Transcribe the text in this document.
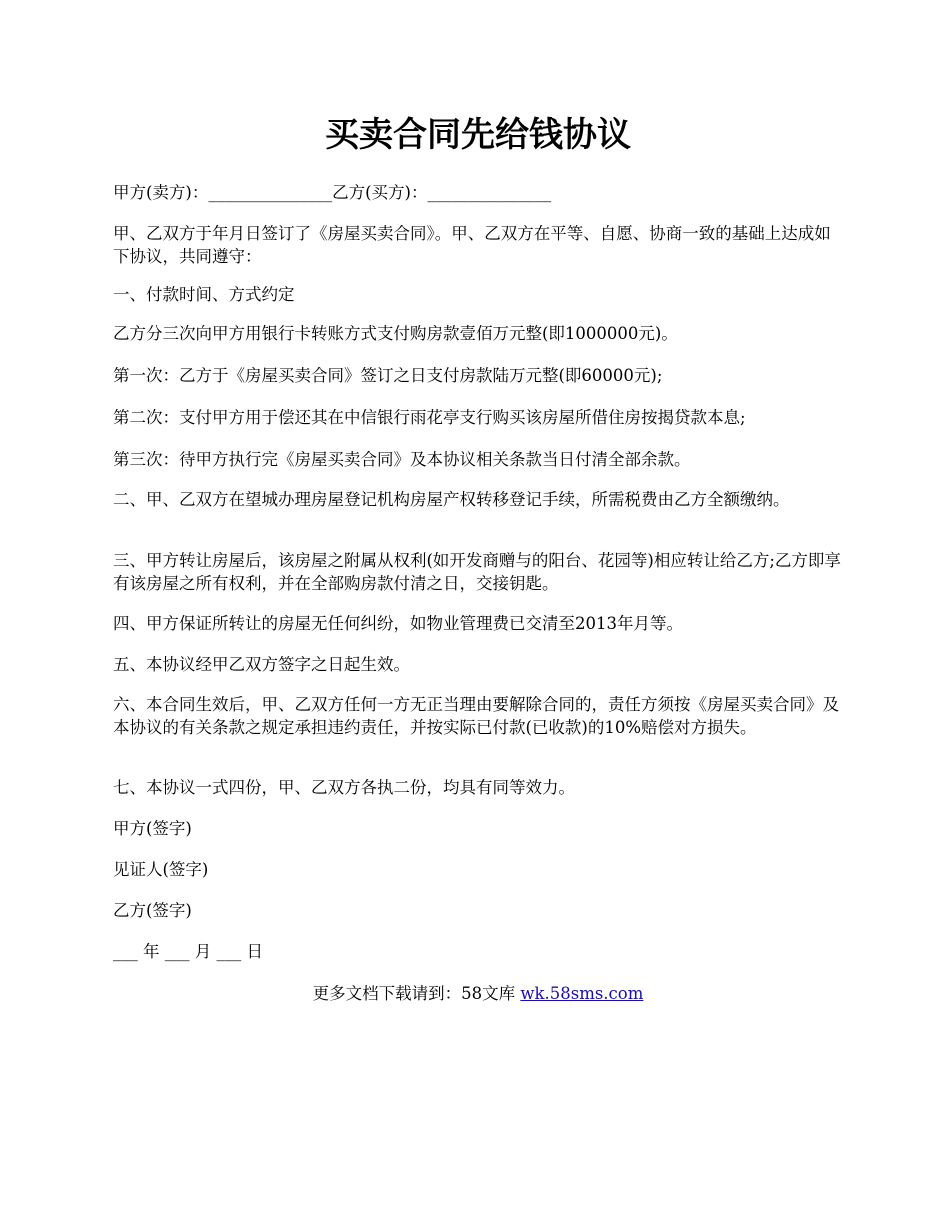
买卖合同先给钱协议

甲方(卖方)：_______________乙方(买方)：_______________

甲、乙双方于年月日签订了《房屋买卖合同》。甲、乙双方在平等、自愿、协商一致的基础上达成如下协议，共同遵守：

一、付款时间、方式约定

乙方分三次向甲方用银行卡转账方式支付购房款壹佰万元整(即1000000元)。

第一次：乙方于《房屋买卖合同》签订之日支付房款陆万元整(即60000元);

第二次：支付甲方用于偿还其在中信银行雨花亭支行购买该房屋所借住房按揭贷款本息;

第三次：待甲方执行完《房屋买卖合同》及本协议相关条款当日付清全部余款。

二、甲、乙双方在望城办理房屋登记机构房屋产权转移登记手续，所需税费由乙方全额缴纳。

三、甲方转让房屋后，该房屋之附属从权利(如开发商赠与的阳台、花园等)相应转让给乙方;乙方即享有该房屋之所有权利，并在全部购房款付清之日，交接钥匙。

四、甲方保证所转让的房屋无任何纠纷，如物业管理费已交清至2013年月等。

五、本协议经甲乙双方签字之日起生效。

六、本合同生效后，甲、乙双方任何一方无正当理由要解除合同的，责任方须按《房屋买卖合同》及本协议的有关条款之规定承担违约责任，并按实际已付款(已收款)的10%赔偿对方损失。

七、本协议一式四份，甲、乙双方各执二份，均具有同等效力。

甲方(签字)

见证人(签字)

乙方(签字)

___ 年 ___ 月 ___ 日

更多文档下载请到：58文库 wk.58sms.com
